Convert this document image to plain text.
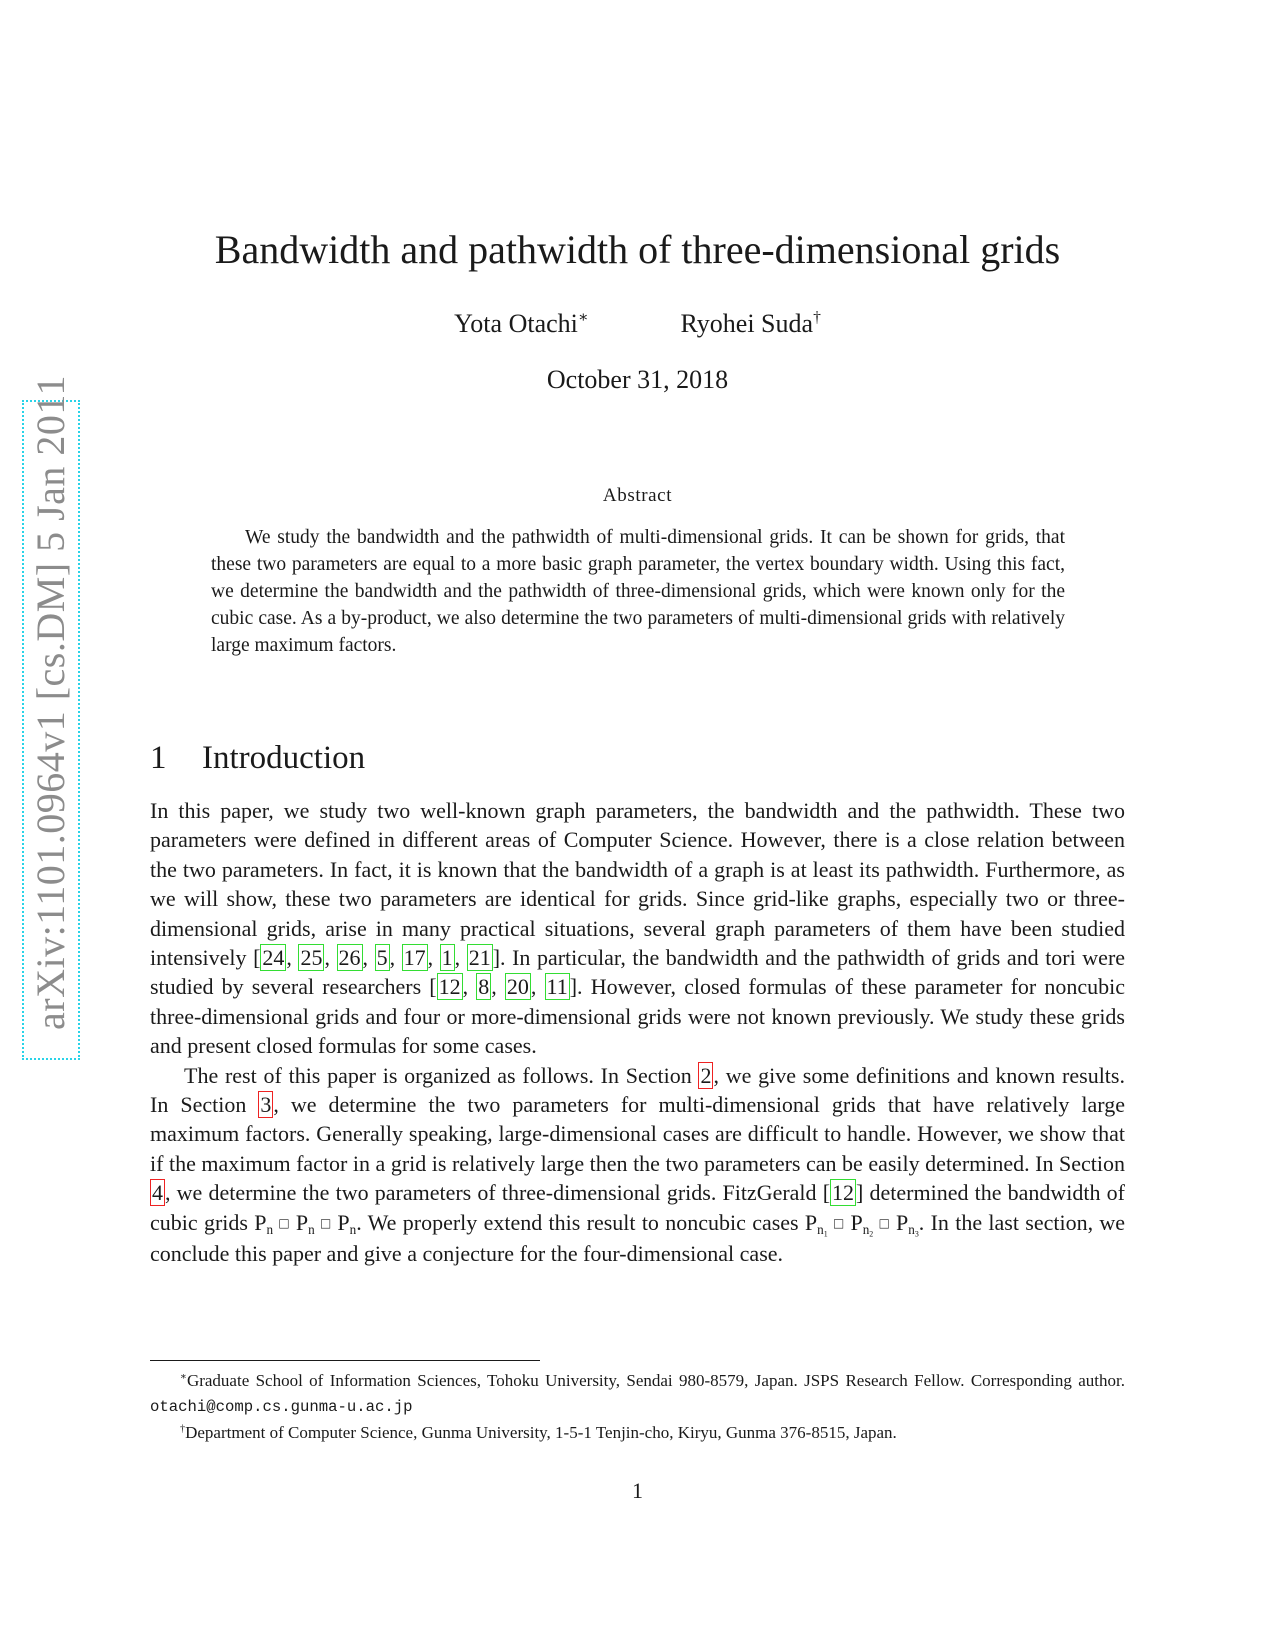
arXiv:1101.0964v1 [cs.DM] 5 Jan 2011
Bandwidth and pathwidth of three-dimensional grids
Yota Otachi∗	Ryohei Suda†
October 31, 2018
Abstract

We study the bandwidth and the pathwidth of multi-dimensional grids. It can be shown for grids, that these two parameters are equal to a more basic graph parameter, the vertex boundary width. Using this fact, we determine the bandwidth and the pathwidth of three-dimensional grids, which were known only for the cubic case. As a by-product, we also determine the two parameters of multi-dimensional grids with relatively large maximum factors.

1 Introduction

In this paper, we study two well-known graph parameters, the bandwidth and the pathwidth. These two parameters were defined in different areas of Computer Science. However, there is a close relation between the two parameters. In fact, it is known that the bandwidth of a graph is at least its pathwidth. Furthermore, as we will show, these two parameters are identical for grids. Since grid-like graphs, especially two or three-dimensional grids, arise in many practical situations, several graph parameters of them have been studied intensively [24, 25, 26, 5, 17, 1, 21]. In particular, the bandwidth and the pathwidth of grids and tori were studied by several researchers [12, 8, 20, 11]. However, closed formulas of these parameter for noncubic three-dimensional grids and four or more-dimensional grids were not known previously. We study these grids and present closed formulas for some cases.

The rest of this paper is organized as follows. In Section 2, we give some definitions and known results. In Section 3, we determine the two parameters for multi-dimensional grids that have relatively large maximum factors. Generally speaking, large-dimensional cases are difficult to handle. However, we show that if the maximum factor in a grid is relatively large then the two parameters can be easily determined. In Section 4, we determine the two parameters of three-dimensional grids. FitzGerald [12] determined the bandwidth of cubic grids $P_n$ □ $P_n$ □ $P_n$. We properly extend this result to noncubic cases $P_{n_1}$ □ $P_{n_2}$ □ $P_{n_3}$. In the last section, we conclude this paper and give a conjecture for the four-dimensional case.

∗Graduate School of Information Sciences, Tohoku University, Sendai 980-8579, Japan. JSPS Research Fellow. Corresponding author. otachi@comp.cs.gunma-u.ac.jp

†Department of Computer Science, Gunma University, 1-5-1 Tenjin-cho, Kiryu, Gunma 376-8515, Japan.

1
